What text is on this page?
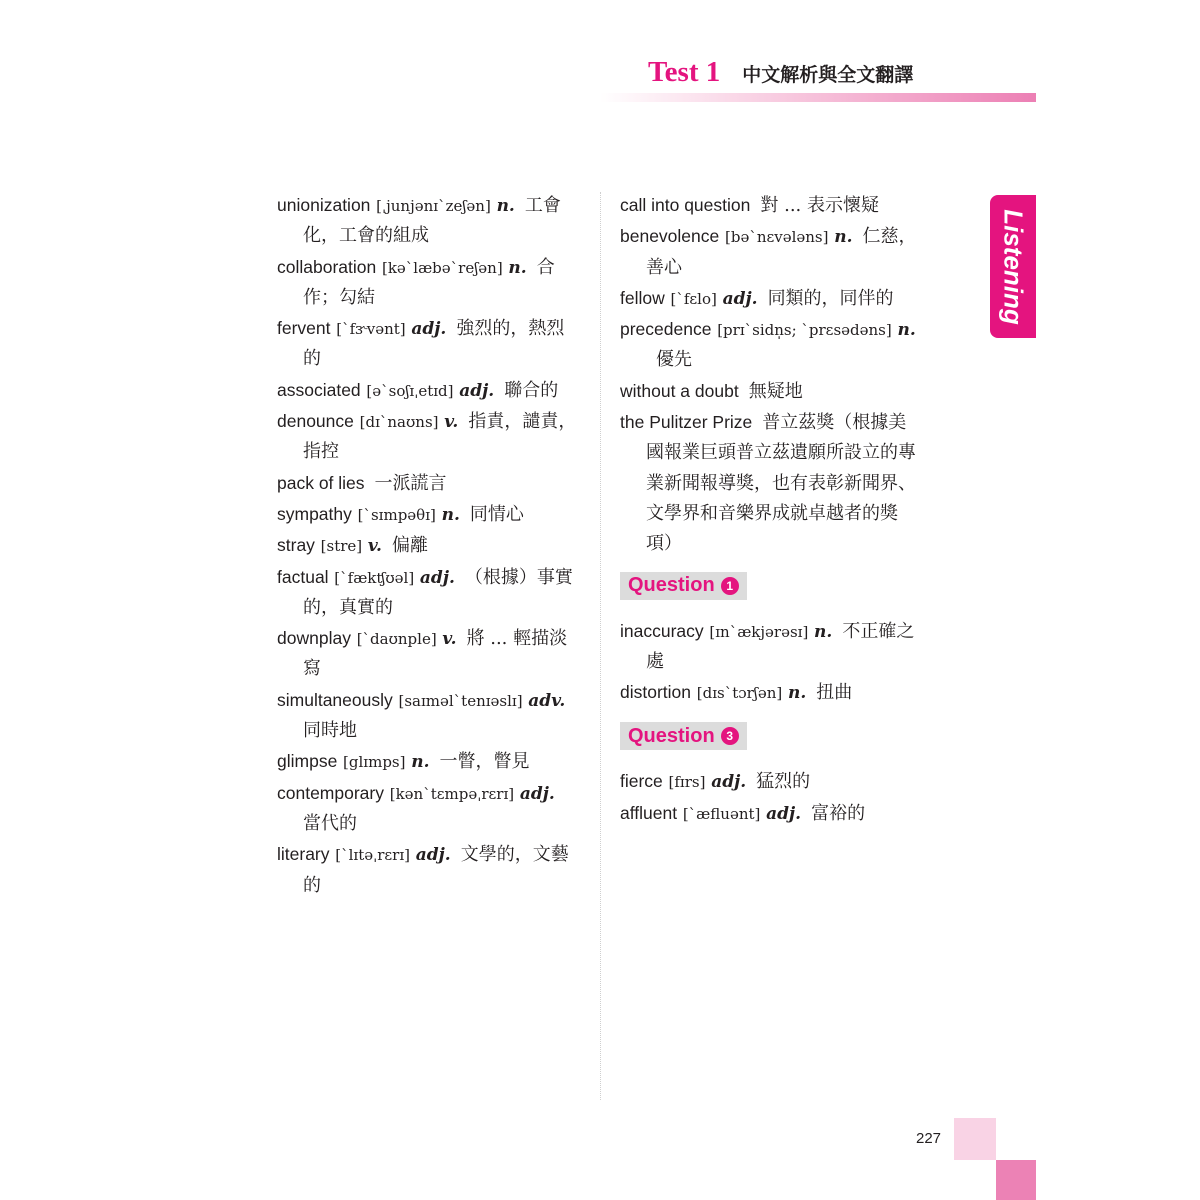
Test 1 中文解析與全文翻譯
Listening
unionization [ˌjunjənɪˋzeʃən] n. 工會化，工會的組成
collaboration [kəˋlæbəˋreʃən] n. 合作；勾結
fervent [ˋfɝvənt] adj. 強烈的，熱烈的
associated [əˋsoʃɪˌetɪd] adj. 聯合的
denounce [dɪˋnaʊns] v. 指責，譴責，指控
pack of lies 一派謊言
sympathy [ˋsɪmpəθɪ] n. 同情心
stray [stre] v. 偏離
factual [ˋfækʧʊəl] adj. （根據）事實的，真實的
downplay [ˋdaʊnple] v. 將 ... 輕描淡寫
simultaneously [saɪməlˋtenɪəslɪ] adv.同時地
glimpse [glɪmps] n. 一瞥，瞥見
contemporary [kənˋtɛmpəˌrɛrɪ] adj.當代的
literary [ˋlɪtəˌrɛrɪ] adj. 文學的，文藝的
call into question 對 ... 表示懷疑
benevolence [bəˋnɛvələns] n. 仁慈，善心
fellow [ˋfɛlo] adj. 同類的，同伴的
precedence [prɪˋsidn̩s; ˋprɛsədəns] n.優先
without a doubt 無疑地
the Pulitzer Prize 普立茲獎（根據美國報業巨頭普立茲遺願所設立的專業新聞報導獎，也有表彰新聞界、文學界和音樂界成就卓越者的獎項）
Question 1
inaccuracy [ɪnˋækjərəsɪ] n. 不正確之處
distortion [dɪsˋtɔrʃən] n. 扭曲
Question 3
fierce [fɪrs] adj. 猛烈的
affluent [ˋæfluənt] adj. 富裕的
227
